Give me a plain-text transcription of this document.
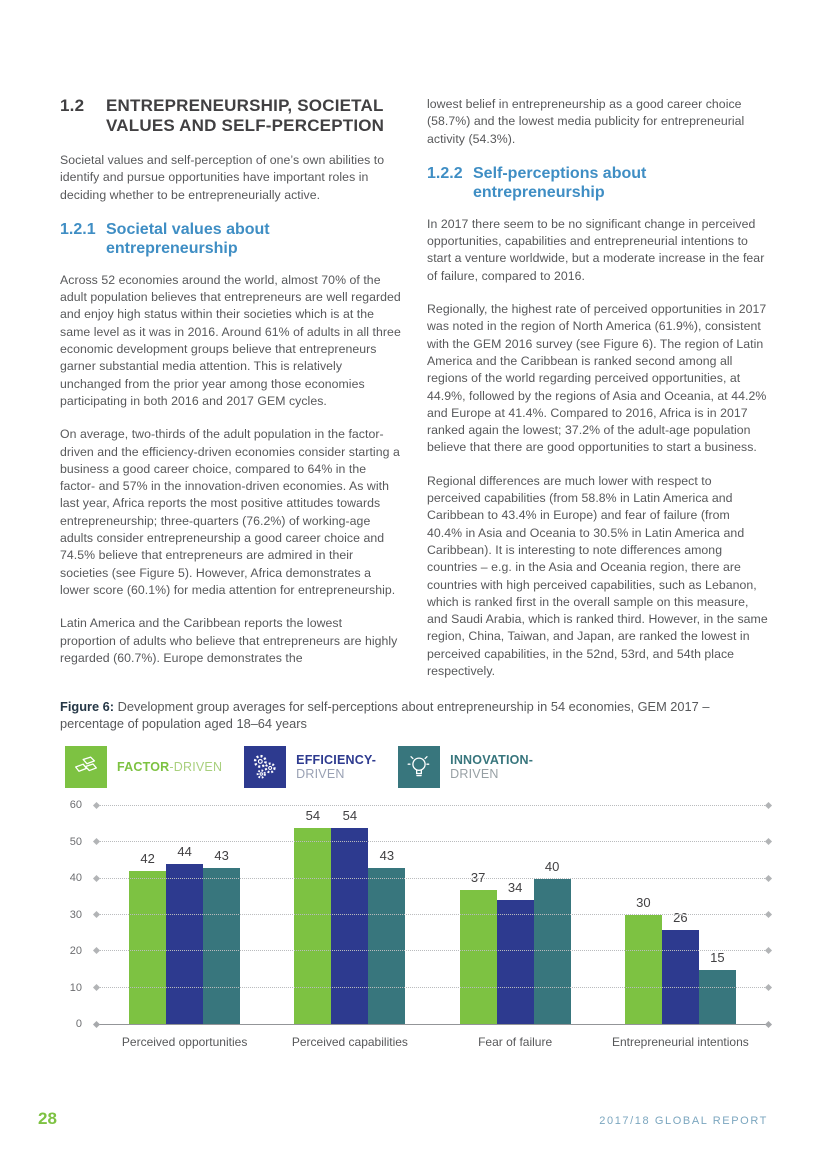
1.2	ENTREPRENEURSHIP, SOCIETAL VALUES AND SELF-PERCEPTION

Societal values and self-perception of one’s own abilities to identify and pursue opportunities have important roles in deciding whether to be entrepreneurially active.

1.2.1 Societal values about entrepreneurship

Across 52 economies around the world, almost 70% of the adult population believes that entrepreneurs are well regarded and enjoy high status within their societies which is at the same level as it was in 2016. Around 61% of adults in all three economic development groups believe that entrepreneurs garner substantial media attention. This is relatively unchanged from the prior year among those economies participating in both 2016 and 2017 GEM cycles.

On average, two-thirds of the adult population in the factor-driven and the efficiency-driven economies consider starting a business a good career choice, compared to 64% in the factor- and 57% in the innovation-driven economies. As with last year, Africa reports the most positive attitudes towards entrepreneurship; three-quarters (76.2%) of working-age adults consider entrepreneurship a good career choice and 74.5% believe that entrepreneurs are admired in their societies (see Figure 5). However, Africa demonstrates a lower score (60.1%) for media attention for entrepreneurship.

Latin America and the Caribbean reports the lowest proportion of adults who believe that entrepreneurs are highly regarded (60.7%). Europe demonstrates the

lowest belief in entrepreneurship as a good career choice (58.7%) and the lowest media publicity for entrepreneurial activity (54.3%).

1.2.2 Self-perceptions about entrepreneurship

In 2017 there seem to be no significant change in perceived opportunities, capabilities and entrepreneurial intentions to start a venture worldwide, but a moderate increase in the fear of failure, compared to 2016.

Regionally, the highest rate of perceived opportunities in 2017 was noted in the region of North America (61.9%), consistent with the GEM 2016 survey (see Figure 6). The region of Latin America and the Caribbean is ranked second among all regions of the world regarding perceived opportunities, at 44.9%, followed by the regions of Asia and Oceania, at 44.2% and Europe at 41.4%. Compared to 2016, Africa is in 2017 ranked again the lowest; 37.2% of the adult-age population believe that there are good opportunities to start a business.

Regional differences are much lower with respect to perceived capabilities (from 58.8% in Latin America and Caribbean to 43.4% in Europe) and fear of failure (from 40.4% in Asia and Oceania to 30.5% in Latin America and Caribbean). It is interesting to note differences among countries – e.g. in the Asia and Oceania region, there are countries with high perceived capabilities, such as Lebanon, which is ranked first in the overall sample on this measure, and Saudi Arabia, which is ranked third. However, in the same region, China, Taiwan, and Japan, are ranked the lowest in perceived capabilities, in the 52nd, 53rd, and 54th place respectively.

Figure 6: Development group averages for self-perceptions about entrepreneurship in 54 economies, GEM 2017 – percentage of population aged 18–64 years
FACTOR-DRIVEN	EFFICIENCY-
DRIVEN
INNOVATION-
DRIVEN
0
10
20
30
40
50
60
42	44	43
54	54
43
37
34
40
30
26
15
Perceived opportunities	Perceived capabilities	Fear of failure	Entrepreneurial intentions
28	2017/18 GLOBAL REPORT
